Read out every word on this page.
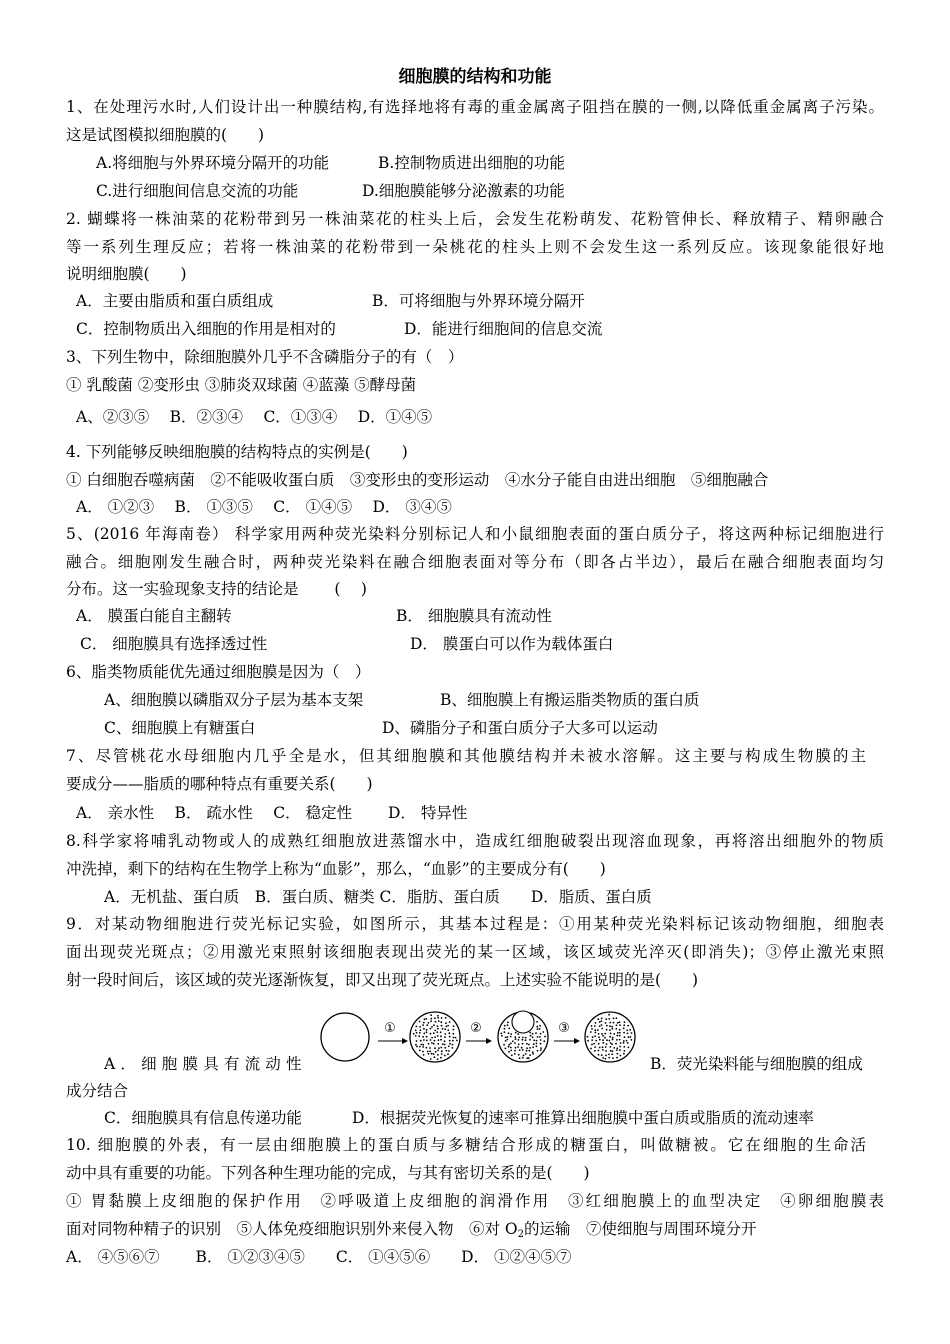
细胞膜的结构和功能
1、在处理污水时,人们设计出一种膜结构,有选择地将有毒的重金属离子阻挡在膜的一侧,以降低重金属离子污染。
这是试图模拟细胞膜的(　　)
A.将细胞与外界环境分隔开的功能	B.控制物质进出细胞的功能
C.进行细胞间信息交流的功能	D.细胞膜能够分泌激素的功能
2. 蝴蝶将一株油菜的花粉带到另一株油菜花的柱头上后，会发生花粉萌发、花粉管伸长、释放精子、精卵融合
等一系列生理反应；若将一株油菜的花粉带到一朵桃花的柱头上则不会发生这一系列反应。该现象能很好地
说明细胞膜(　　)
A．主要由脂质和蛋白质组成	B．可将细胞与外界环境分隔开
C．控制物质出入细胞的作用是相对的	D．能进行细胞间的信息交流
3、下列生物中，除细胞膜外几乎不含磷脂分子的有（　）
① 乳酸菌 ②变形虫 ③肺炎双球菌 ④蓝藻 ⑤酵母菌
A、②③⑤　 B．②③④　 C．①③④　 D．①④⑤
4. 下列能够反映细胞膜的结构特点的实例是(　　)
① 白细胞吞噬病菌　②不能吸收蛋白质　③变形虫的变形运动　④水分子能自由进出细胞　⑤细胞融合
A． ①②③　 B． ①③⑤　 C． ①④⑤　 D． ③④⑤
5、(2016 年海南卷） 科学家用两种荧光染料分别标记人和小鼠细胞表面的蛋白质分子，将这两种标记细胞进行
融合。细胞刚发生融合时，两种荧光染料在融合细胞表面对等分布（即各占半边），最后在融合细胞表面均匀
分布。这一实验现象支持的结论是　　 (　 )
A． 膜蛋白能自主翻转	B． 细胞膜具有流动性
C． 细胞膜具有选择透过性	D． 膜蛋白可以作为载体蛋白
6、脂类物质能优先通过细胞膜是因为（　）
A、细胞膜以磷脂双分子层为基本支架	B、细胞膜上有搬运脂类物质的蛋白质
C、细胞膜上有糖蛋白	D、磷脂分子和蛋白质分子大多可以运动
7、尽管桃花水母细胞内几乎全是水，但其细胞膜和其他膜结构并未被水溶解。这主要与构成生物膜的主
要成分——脂质的哪种特点有重要关系(　　)
A． 亲水性　 B． 疏水性　 C． 稳定性　　 D． 特异性
8.科学家将哺乳动物或人的成熟红细胞放进蒸馏水中，造成红细胞破裂出现溶血现象，再将溶出细胞外的物质
冲洗掉，剩下的结构在生物学上称为“血影”，那么，“血影”的主要成分有(　　)
A．无机盐、蛋白质　B．蛋白质、糖类 C．脂肪、蛋白质　　D．脂质、蛋白质
9．对某动物细胞进行荧光标记实验，如图所示，其基本过程是：①用某种荧光染料标记该动物细胞，细胞表
面出现荧光斑点；②用激光束照射该细胞表现出荧光的某一区域，该区域荧光淬灭(即消失)；③停止激光束照
射一段时间后，该区域的荧光逐渐恢复，即又出现了荧光斑点。上述实验不能说明的是(　　)
①	②	③
A．细胞膜具有流动性	B．荧光染料能与细胞膜的组成
成分结合
C．细胞膜具有信息传递功能	D．根据荧光恢复的速率可推算出细胞膜中蛋白质或脂质的流动速率
10. 细胞膜的外表，有一层由细胞膜上的蛋白质与多糖结合形成的糖蛋白，叫做糖被。它在细胞的生命活
动中具有重要的功能。下列各种生理功能的完成，与其有密切关系的是(　　)
① 胃黏膜上皮细胞的保护作用　②呼吸道上皮细胞的润滑作用　③红细胞膜上的血型决定　④卵细胞膜表
面对同物种精子的识别　⑤人体免疫细胞识别外来侵入物　⑥对 $O_2$的运输　⑦使细胞与周围环境分开
A． ④⑤⑥⑦　　 B． ①②③④⑤　　C． ①④⑤⑥　　D． ①②④⑤⑦
